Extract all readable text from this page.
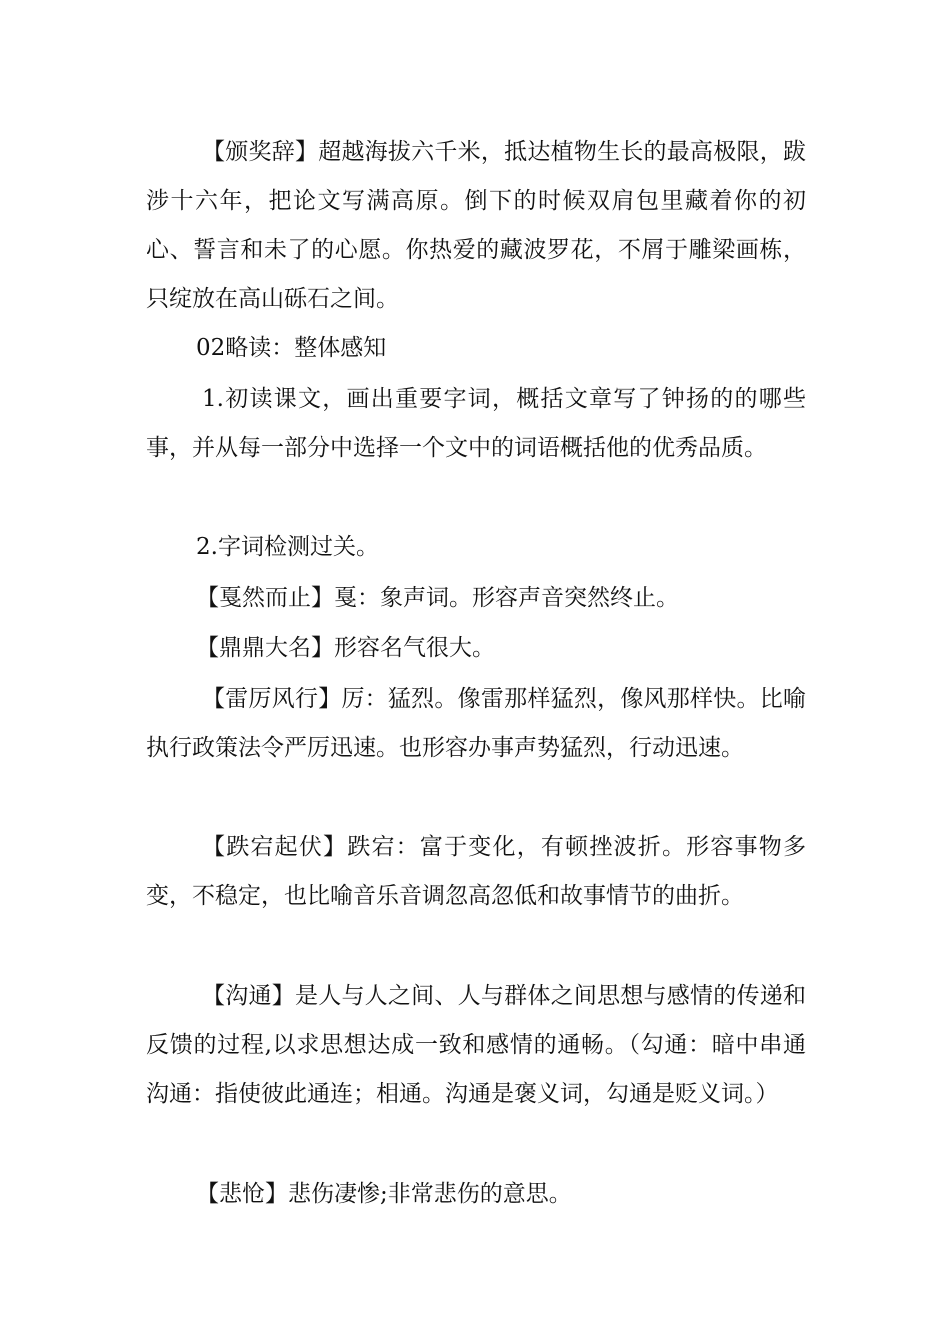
【颁奖辞】超越海拔六千米，抵达植物生长的最高极限，跋涉十六年，把论文写满高原。倒下的时候双肩包里藏着你的初心、誓言和未了的心愿。你热爱的藏波罗花，不屑于雕梁画栋，只绽放在高山砾石之间。

02略读：整体感知

1.初读课文，画出重要字词，概括文章写了钟扬的的哪些事，并从每一部分中选择一个文中的词语概括他的优秀品质。

2.字词检测过关。

【戛然而止】戛：象声词。形容声音突然终止。

【鼎鼎大名】形容名气很大。

【雷厉风行】厉：猛烈。像雷那样猛烈，像风那样快。比喻执行政策法令严厉迅速。也形容办事声势猛烈，行动迅速。

【跌宕起伏】跌宕：富于变化，有顿挫波折。形容事物多变，不稳定，也比喻音乐音调忽高忽低和故事情节的曲折。

【沟通】是人与人之间、人与群体之间思想与感情的传递和反馈的过程,以求思想达成一致和感情的通畅。（勾通：暗中串通 沟通：指使彼此通连；相通。沟通是褒义词，勾通是贬义词。）

【悲怆】悲伤凄惨;非常悲伤的意思。
